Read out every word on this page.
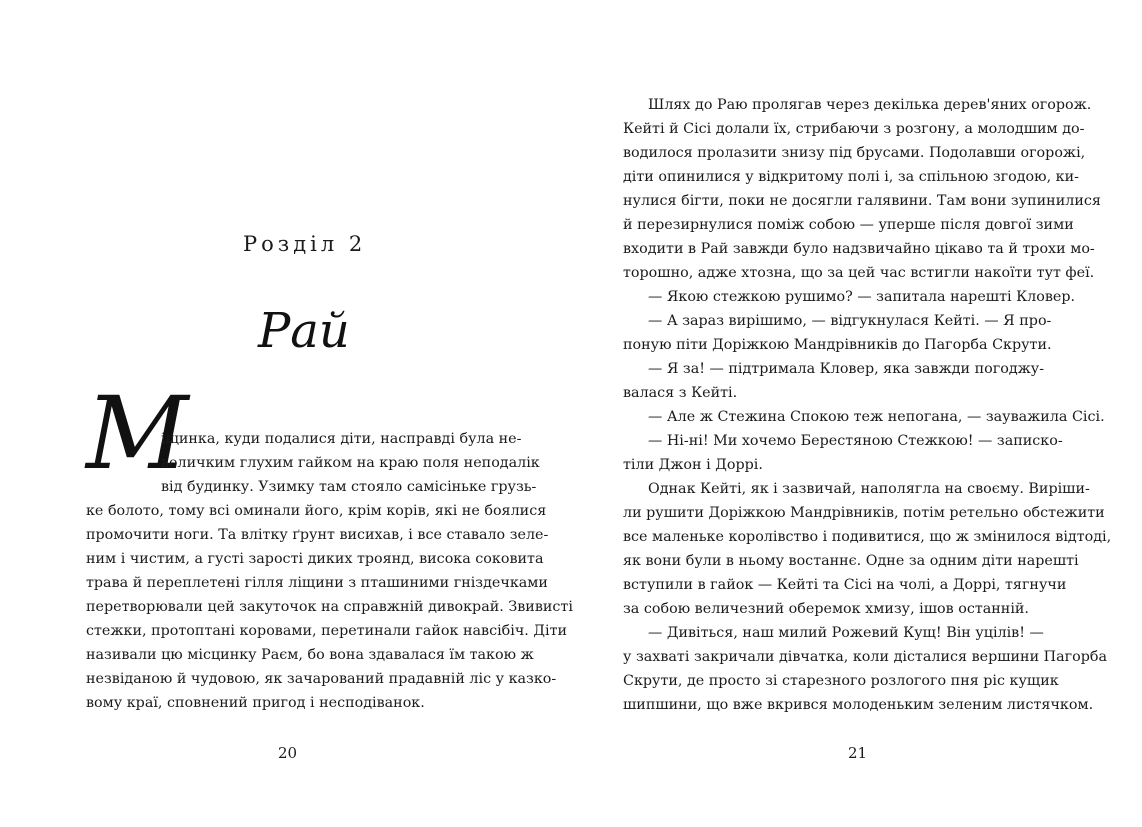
Розділ 2
Рай
М
іщинка, куди подалися діти, насправді була не-
величким глухим гайком на краю поля неподалік
від будинку. Узимку там стояло самісіньке грузь-
ке болото, тому всі оминали його, крім корів, які не боялися
промочити ноги. Та влітку ґрунт висихав, і все ставало зеле-
ним і чистим, а густі зарості диких троянд, висока соковита
трава й переплетені гілля ліщини з пташиними гніздечками
перетворювали цей закуточок на справжній дивокрай. Звивисті
стежки, протоптані коровами, перетинали гайок навсібіч. Діти
називали цю місцинку Раєм, бо вона здавалася їм такою ж
незвіданою й чудовою, як зачарований прадавній ліс у казко-
вому краї, сповнений пригод і несподіванок.
20
Шлях до Раю пролягав через декілька дерев'яних огорож.
Кейті й Сісі долали їх, стрибаючи з розгону, а молодшим до-
водилося пролазити знизу під брусами. Подолавши огорожі,
діти опинилися у відкритому полі і, за спільною згодою, ки-
нулися бігти, поки не досягли галявини. Там вони зупинилися
й перезирнулися поміж собою — уперше після довгої зими
входити в Рай завжди було надзвичайно цікаво та й трохи мо-
торошно, адже хтозна, що за цей час встигли накоїти тут феї.
— Якою стежкою рушимо? — запитала нарешті Кловер.
— А зараз вирішимо, — відгукнулася Кейті. — Я про-
поную піти Доріжкою Мандрівників до Пагорба Скрути.
— Я за! — підтримала Кловер, яка завжди погоджу-
валася з Кейті.
— Але ж Стежина Спокою теж непогана, — зауважила Сісі.
— Ні-ні! Ми хочемо Берестяною Стежкою! — записко-
тіли Джон і Доррі.
Однак Кейті, як і зазвичай, наполягла на своєму. Виріши-
ли рушити Доріжкою Мандрівників, потім ретельно обстежити
все маленьке королівство і подивитися, що ж змінилося відтоді,
як вони були в ньому востаннє. Одне за одним діти нарешті
вступили в гайок — Кейті та Сісі на чолі, а Доррі, тягнучи
за собою величезний оберемок хмизу, ішов останній.
— Дивіться, наш милий Рожевий Кущ! Він уцілів! —
у захваті закричали дівчатка, коли дісталися вершини Пагорба
Скрути, де просто зі старезного розлогого пня ріс кущик
шипшини, що вже вкрився молоденьким зеленим листячком.
21
